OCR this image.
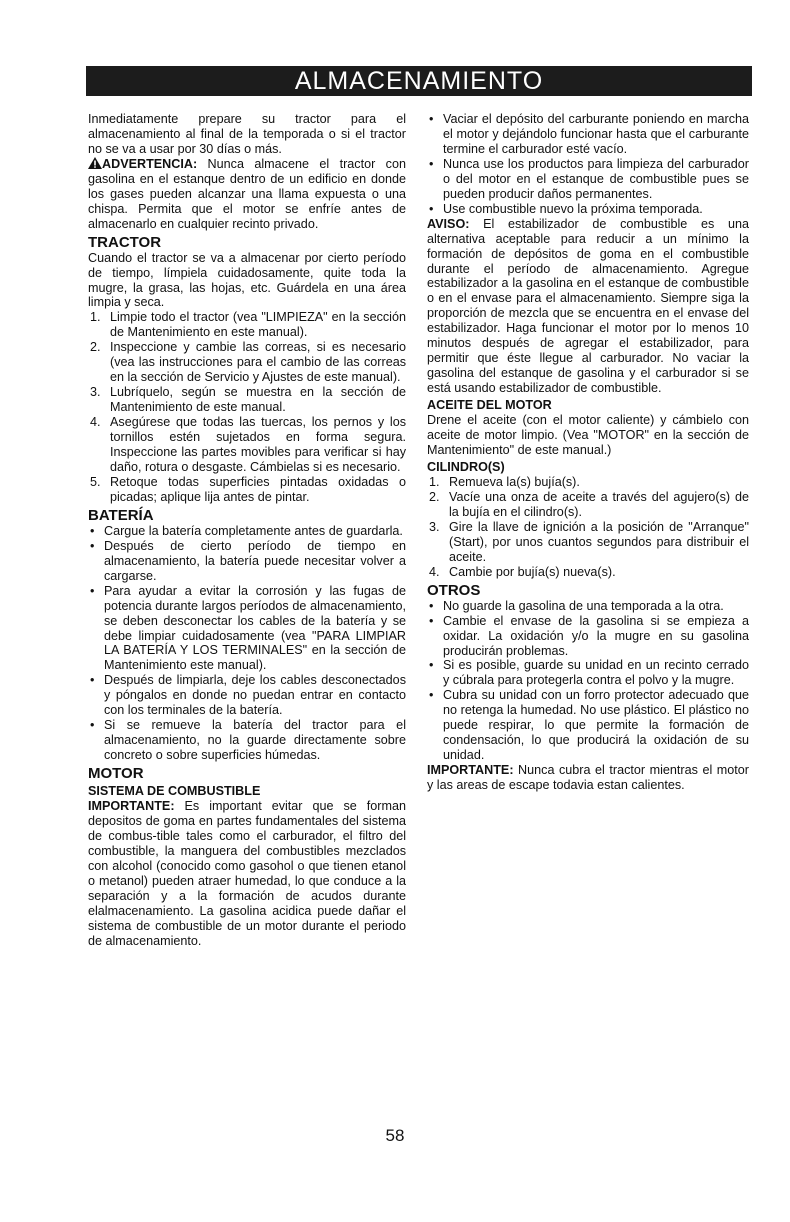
ALMACENAMIENTO

Inmediatamente prepare su tractor para el almacenamiento al final de la temporada o si el tractor no se va a usar por 30 días o más.

ADVERTENCIA: Nunca almacene el tractor con gasolina en el estanque dentro de un edificio en donde los gases pueden alcanzar una llama expuesta o una chispa. Permita que el motor se enfríe antes de almacenarlo en cualquier recinto privado.

TRACTOR

Cuando el tractor se va a almacenar por cierto período de tiempo, límpiela cuidadosamente, quite toda la mugre, la grasa, las hojas, etc. Guárdela en una área limpia y seca.

1. Limpie todo el tractor (vea "LIMPIEZA" en la sección de Mantenimiento en este manual).
2. Inspeccione y cambie las correas, si es necesario (vea las instrucciones para el cambio de las correas en la sección de Servicio y Ajustes de este manual).
3. Lubríquelo, según se muestra en la sección de Mantenimiento de este manual.
4. Asegúrese que todas las tuercas, los pernos y los tornillos estén sujetados en forma segura. Inspeccione las partes movibles para verificar si hay daño, rotura o desgaste. Cámbielas si es necesario.
5. Retoque todas superficies pintadas oxidadas o picadas; aplique lija antes de pintar.
BATERÍA
• Cargue la batería completamente antes de guardarla.
• Después de cierto período de tiempo en almacenamiento, la batería puede necesitar volver a cargarse.
• Para ayudar a evitar la corrosión y las fugas de potencia durante largos períodos de almacenamiento, se deben desconectar los cables de la batería y se debe limpiar cuidadosamente (vea "PARA LIMPIAR LA BATERÍA Y LOS TERMINALES" en la sección de Mantenimiento este manual).
• Después de limpiarla, deje los cables desconectados y póngalos en donde no puedan entrar en contacto con los terminales de la batería.
• Si se remueve la batería del tractor para el almacenamiento, no la guarde directamente sobre concreto o sobre superficies húmedas.
MOTOR
SISTEMA DE COMBUSTIBLE

IMPORTANTE: Es important evitar que se forman depositos de goma en partes fundamentales del sistema de combus-tible tales como el carburador, el filtro del combustible, la manguera del combustibles mezclados con alcohol (conocido como gasohol o que tienen etanol o metanol) pueden atraer humedad, lo que conduce a la separación y a la formación de acudos durante elalmacenamiento. La gasolina acidica puede dañar el sistema de combustible de un motor durante el periodo de almacenamiento.

• Vaciar el depósito del carburante poniendo en marcha el motor y dejándolo funcionar hasta que el carburante termine el carburador esté vacío.
• Nunca use los productos para limpieza del carburador o del motor en el estanque de combustible pues se pueden producir daños permanentes.
• Use combustible nuevo la próxima temporada.

AVISO: El estabilizador de combustible es una alternativa aceptable para reducir a un mínimo la formación de depósitos de goma en el combustible durante el período de almacenamiento. Agregue estabilizador a la gasolina en el estanque de combustible o en el envase para el almacenamiento. Siempre siga la proporción de mezcla que se encuentra en el envase del estabilizador. Haga funcionar el motor por lo menos 10 minutos después de agregar el estabilizador, para permitir que éste llegue al carburador. No vaciar la gasolina del estanque de gasolina y el carburador si se está usando estabilizador de combustible.

ACEITE DEL MOTOR

Drene el aceite (con el motor caliente) y cámbielo con aceite de motor limpio. (Vea "MOTOR" en la sección de Mantenimiento" de este manual.)

CILINDRO(S)
1. Remueva la(s) bujía(s).
2. Vacíe una onza de aceite a través del agujero(s) de la bujía en el cilindro(s).
3. Gire la llave de ignición a la posición de "Arranque" (Start), por unos cuantos segundos para distribuir el aceite.
4. Cambie por bujía(s) nueva(s).
OTROS
• No guarde la gasolina de una temporada a la otra.
• Cambie el envase de la gasolina si se empieza a oxidar. La oxidación y/o la mugre en su gasolina producirán problemas.
• Si es posible, guarde su unidad en un recinto cerrado y cúbrala para protegerla contra el polvo y la mugre.
• Cubra su unidad con un forro protector adecuado que no retenga la humedad. No use plástico. El plástico no puede respirar, lo que permite la formación de condensación, lo que producirá la oxidación de su unidad.

IMPORTANTE: Nunca cubra el tractor mientras el motor y las areas de escape todavia estan calientes.

58
